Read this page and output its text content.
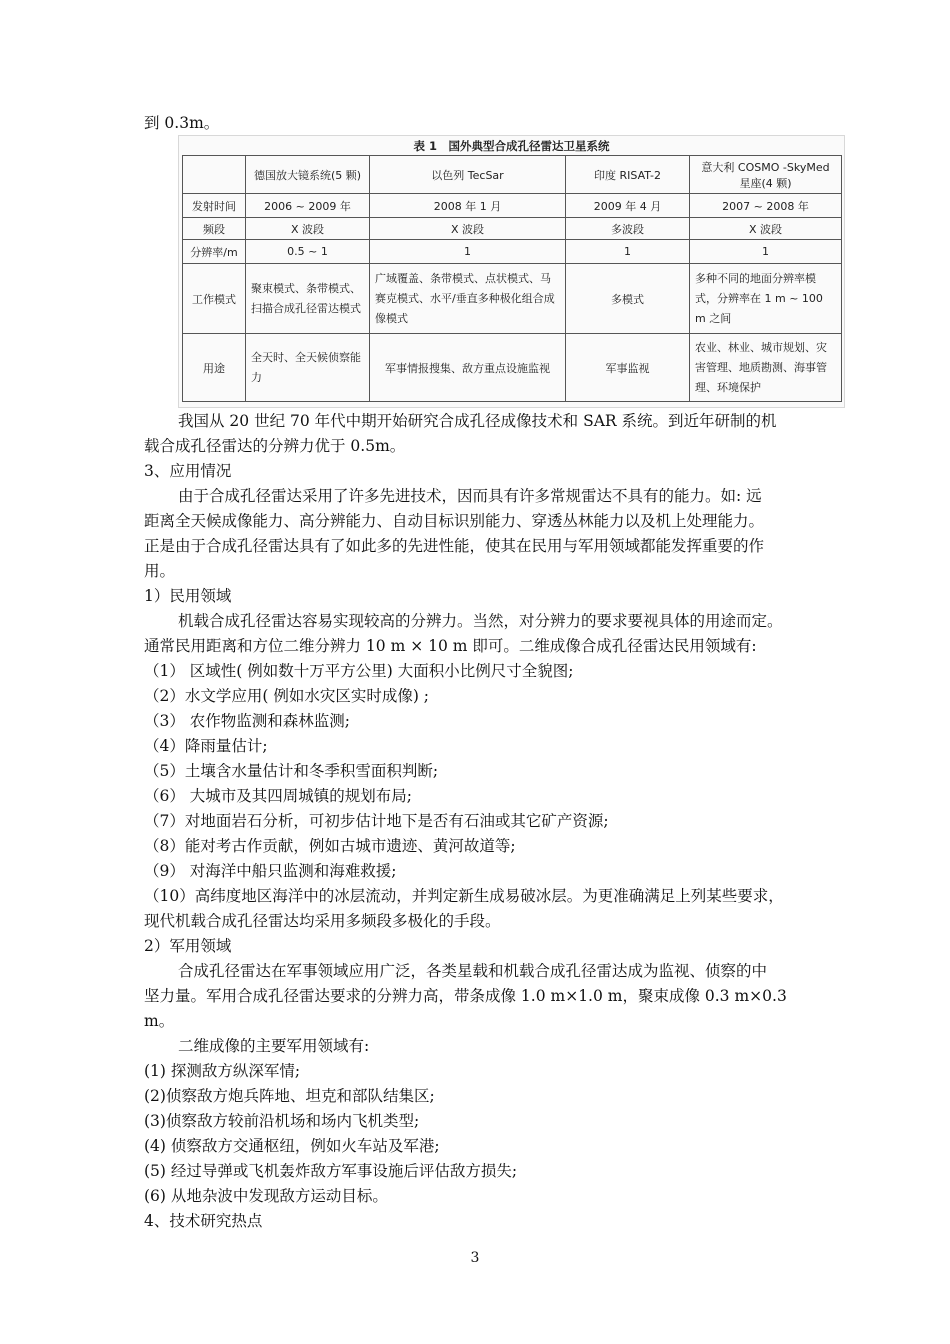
到 0.3m。
表 1　国外典型合成孔径雷达卫星系统
	德国放大镜系统(5 颗)	以色列 TecSar	印度 RISAT-2	意大利 COSMO -SkyMed 星座(4 颗)
发射时间	2006 ~ 2009 年	2008 年 1 月	2009 年 4 月	2007 ~ 2008 年
频段	X 波段	X 波段	多波段	X 波段
分辨率/m	0.5 ~ 1	1	1	1
工作模式	聚束模式、条带模式、扫描合成孔径雷达模式	广域覆盖、条带模式、点状模式、马赛克模式、水平/垂直多种极化组合成像模式	多模式	多种不同的地面分辨率模式，分辨率在 1 m ~ 100 m 之间
用途	全天时、全天候侦察能力	军事情报搜集、敌方重点设施监视	军事监视	农业、林业、城市规划、灾害管理、地质勘测、海事管理、环境保护
我国从 20 世纪 70 年代中期开始研究合成孔径成像技术和 SAR 系统。到近年研制的机
载合成孔径雷达的分辨力优于 0.5m。
3、应用情况
由于合成孔径雷达采用了许多先进技术，因而具有许多常规雷达不具有的能力。如: 远
距离全天候成像能力、高分辨能力、自动目标识别能力、穿透丛林能力以及机上处理能力。
正是由于合成孔径雷达具有了如此多的先进性能，使其在民用与军用领域都能发挥重要的作
用。
1）民用领域
机载合成孔径雷达容易实现较高的分辨力。当然，对分辨力的要求要视具体的用途而定。
通常民用距离和方位二维分辨力 10 m × 10 m 即可。二维成像合成孔径雷达民用领域有:
（1） 区域性( 例如数十万平方公里) 大面积小比例尺寸全貌图;
（2）水文学应用( 例如水灾区实时成像) ;
（3） 农作物监测和森林监测;
（4）降雨量估计;
（5）土壤含水量估计和冬季积雪面积判断;
（6） 大城市及其四周城镇的规划布局;
（7）对地面岩石分析，可初步估计地下是否有石油或其它矿产资源;
（8）能对考古作贡献，例如古城市遗迹、黄河故道等;
（9） 对海洋中船只监测和海难救援;
（10）高纬度地区海洋中的冰层流动，并判定新生成易破冰层。为更准确满足上列某些要求，
现代机载合成孔径雷达均采用多频段多极化的手段。
2）军用领域
合成孔径雷达在军事领域应用广泛，各类星载和机载合成孔径雷达成为监视、侦察的中
坚力量。军用合成孔径雷达要求的分辨力高，带条成像 1.0 m×1.0 m，聚束成像 0.3 m×0.3
m。
二维成像的主要军用领域有:
(1) 探测敌方纵深军情;
(2)侦察敌方炮兵阵地、坦克和部队结集区;
(3)侦察敌方较前沿机场和场内飞机类型;
(4) 侦察敌方交通枢纽，例如火车站及军港;
(5) 经过导弹或飞机轰炸敌方军事设施后评估敌方损失;
(6) 从地杂波中发现敌方运动目标。
4、技术研究热点
3
